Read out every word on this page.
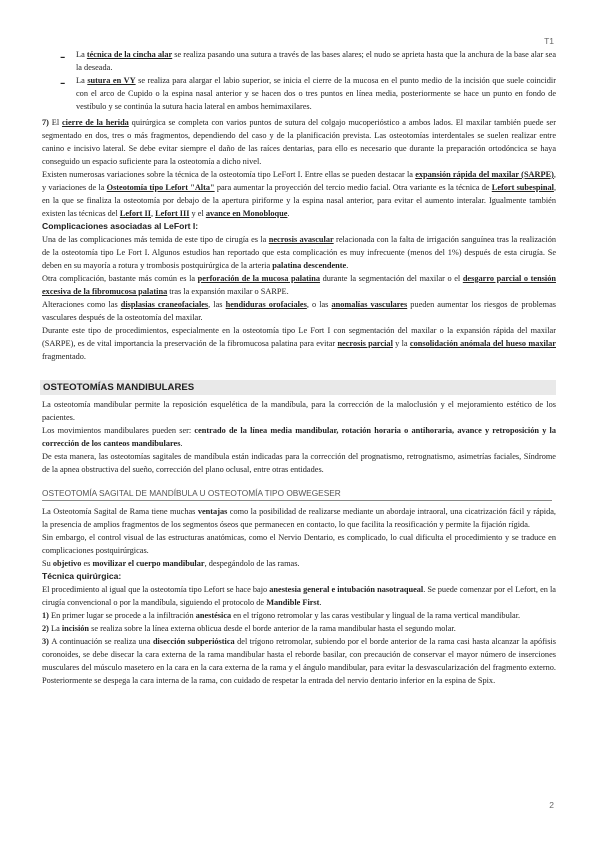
T1
- La técnica de la cincha alar se realiza pasando una sutura a través de las bases alares; el nudo se aprieta hasta que la anchura de la base alar sea la deseada.

- La sutura en VY se realiza para alargar el labio superior, se inicia el cierre de la mucosa en el punto medio de la incisión que suele coincidir con el arco de Cupido o la espina nasal anterior y se hacen dos o tres puntos en línea media, posteriormente se hace un punto en fondo de vestíbulo y se continúa la sutura hacia lateral en ambos hemimaxilares.

7) El cierre de la herida quirúrgica se completa con varios puntos de sutura del colgajo mucoperióstico a ambos lados. El maxilar también puede ser segmentado en dos, tres o más fragmentos, dependiendo del caso y de la planificación prevista. Las osteotomías interdentales se suelen realizar entre canino e incisivo lateral. Se debe evitar siempre el daño de las raíces dentarias, para ello es necesario que durante la preparación ortodóncica se haya conseguido un espacio suficiente para la osteotomía a dicho nivel.

Existen numerosas variaciones sobre la técnica de la osteotomía tipo LeFort I. Entre ellas se pueden destacar la expansión rápida del maxilar (SARPE), y variaciones de la Osteotomía tipo Lefort "Alta" para aumentar la proyección del tercio medio facial. Otra variante es la técnica de Lefort subespinal, en la que se finaliza la osteotomía por debajo de la apertura piriforme y la espina nasal anterior, para evitar el aumento interalar. Igualmente también existen las técnicas del Lefort II, Lefort III y el avance en Monobloque.

Complicaciones asociadas al LeFort I:

Una de las complicaciones más temida de este tipo de cirugía es la necrosis avascular relacionada con la falta de irrigación sanguínea tras la realización de la osteotomía tipo Le Fort I. Algunos estudios han reportado que esta complicación es muy infrecuente (menos del 1%) después de esta cirugía. Se deben en su mayoría a rotura y trombosis postquirúrgica de la arteria palatina descendente.

Otra complicación, bastante más común es la perforación de la mucosa palatina durante la segmentación del maxilar o el desgarro parcial o tensión excesiva de la fibromucosa palatina tras la expansión maxilar o SARPE.

Alteraciones como las displasias craneofaciales, las hendiduras orofaciales, o las anomalías vasculares pueden aumentar los riesgos de problemas vasculares después de la osteotomía del maxilar.

Durante este tipo de procedimientos, especialmente en la osteotomía tipo Le Fort I con segmentación del maxilar o la expansión rápida del maxilar (SARPE), es de vital importancia la preservación de la fibromucosa palatina para evitar necrosis parcial y la consolidación anómala del hueso maxilar fragmentado.

OSTEOTOMÍAS MANDIBULARES

La osteotomía mandibular permite la reposición esquelética de la mandíbula, para la corrección de la maloclusión y el mejoramiento estético de los pacientes.

Los movimientos mandibulares pueden ser: centrado de la línea media mandibular, rotación horaria o antihoraria, avance y retroposición y la corrección de los canteos mandibulares.

De esta manera, las osteotomías sagitales de mandíbula están indicadas para la corrección del prognatismo, retrognatismo, asimetrías faciales, Síndrome de la apnea obstructiva del sueño, corrección del plano oclusal, entre otras entidades.

OSTEOTOMÍA SAGITAL DE MANDÍBULA U OSTEOTOMÍA TIPO OBWEGESER

La Osteotomía Sagital de Rama tiene muchas ventajas como la posibilidad de realizarse mediante un abordaje intraoral, una cicatrización fácil y rápida, la presencia de amplios fragmentos de los segmentos óseos que permanecen en contacto, lo que facilita la reosificación y permite la fijación rígida.

Sin embargo, el control visual de las estructuras anatómicas, como el Nervio Dentario, es complicado, lo cual dificulta el procedimiento y se traduce en complicaciones postquirúrgicas.

Su objetivo es movilizar el cuerpo mandibular, despegándolo de las ramas.

Técnica quirúrgica:

El procedimiento al igual que la osteotomía tipo Lefort se hace bajo anestesia general e intubación nasotraqueal. Se puede comenzar por el Lefort, en la cirugía convencional o por la mandíbula, siguiendo el protocolo de Mandible First.

1) En primer lugar se procede a la infiltración anestésica en el trígono retromolar y las caras vestibular y lingual de la rama vertical mandibular.

2) La incisión se realiza sobre la línea externa oblicua desde el borde anterior de la rama mandibular hasta el segundo molar.

3) A continuación se realiza una disección subperióstica del trígono retromolar, subiendo por el borde anterior de la rama casi hasta alcanzar la apófisis coronoides, se debe disecar la cara externa de la rama mandibular hasta el reborde basilar, con precaución de conservar el mayor número de inserciones musculares del músculo masetero en la cara en la cara externa de la rama y el ángulo mandibular, para evitar la desvascularización del fragmento externo. Posteriormente se despega la cara interna de la rama, con cuidado de respetar la entrada del nervio dentario inferior en la espina de Spix.

2
